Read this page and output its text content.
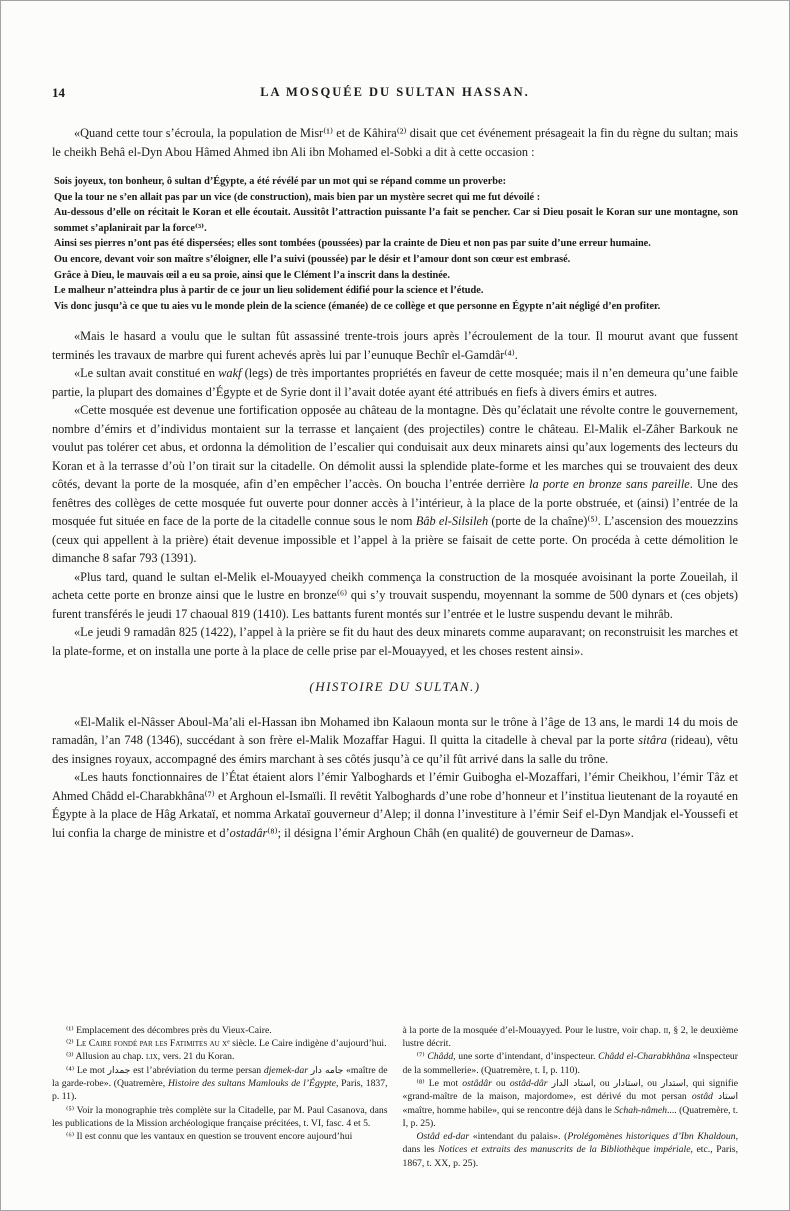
14	LA MOSQUÉE DU SULTAN HASSAN.

«Quand cette tour s’écroula, la population de Misr⁽¹⁾ et de Kâhira⁽²⁾ disait que cet événement présageait la fin du règne du sultan; mais le cheikh Behâ el-Dyn Abou Hâmed Ahmed ibn Ali ibn Mohamed el-Sobki a dit à cette occasion :

Sois joyeux, ton bonheur, ô sultan d’Égypte, a été révélé par un mot qui se répand comme un proverbe:
Que la tour ne s’en allait pas par un vice (de construction), mais bien par un mystère secret qui me fut dévoilé :
Au-dessous d’elle on récitait le Koran et elle écoutait. Aussitôt l’attraction puissante l’a fait se pencher. Car si Dieu posait le Koran sur une montagne, son sommet s’aplanirait par la force⁽³⁾.
Ainsi ses pierres n’ont pas été dispersées; elles sont tombées (poussées) par la crainte de Dieu et non pas par suite d’une erreur humaine.
Ou encore, devant voir son maître s’éloigner, elle l’a suivi (poussée) par le désir et l’amour dont son cœur est embrasé.
Grâce à Dieu, le mauvais œil a eu sa proie, ainsi que le Clément l’a inscrit dans la destinée.
Le malheur n’atteindra plus à partir de ce jour un lieu solidement édifié pour la science et l’étude.
Vis donc jusqu’à ce que tu aies vu le monde plein de la science (émanée) de ce collège et que personne en Égypte n’ait négligé d’en profiter.

«Mais le hasard a voulu que le sultan fût assassiné trente-trois jours après l’écroulement de la tour. Il mourut avant que fussent terminés les travaux de marbre qui furent achevés après lui par l’eunuque Bechîr el-Gamdâr⁽⁴⁾.

«Le sultan avait constitué en wakf (legs) de très importantes propriétés en faveur de cette mosquée; mais il n’en demeura qu’une faible partie, la plupart des domaines d’Égypte et de Syrie dont il l’avait dotée ayant été attribués en fiefs à divers émirs et autres.

«Cette mosquée est devenue une fortification opposée au château de la montagne. Dès qu’éclatait une révolte contre le gouvernement, nombre d’émirs et d’individus montaient sur la terrasse et lançaient (des projectiles) contre le château. El-Malik el-Zâher Barkouk ne voulut pas tolérer cet abus, et ordonna la démolition de l’escalier qui conduisait aux deux minarets ainsi qu’aux logements des lecteurs du Koran et à la terrasse d’où l’on tirait sur la citadelle. On démolit aussi la splendide plate-forme et les marches qui se trouvaient des deux côtés, devant la porte de la mosquée, afin d’en empêcher l’accès. On boucha l’entrée derrière la porte en bronze sans pareille. Une des fenêtres des collèges de cette mosquée fut ouverte pour donner accès à l’intérieur, à la place de la porte obstruée, et (ainsi) l’entrée de la mosquée fut située en face de la porte de la citadelle connue sous le nom Bâb el-Silsileh (porte de la chaîne)⁽⁵⁾. L’ascension des mouezzins (ceux qui appellent à la prière) était devenue impossible et l’appel à la prière se faisait de cette porte. On procéda à cette démolition le dimanche 8 safar 793 (1391).

«Plus tard, quand le sultan el-Melik el-Mouayyed cheikh commença la construction de la mosquée avoisinant la porte Zoueilah, il acheta cette porte en bronze ainsi que le lustre en bronze⁽⁶⁾ qui s’y trouvait suspendu, moyennant la somme de 500 dynars et (ces objets) furent transférés le jeudi 17 chaoual 819 (1410). Les battants furent montés sur l’entrée et le lustre suspendu devant le mihrâb.

«Le jeudi 9 ramadân 825 (1422), l’appel à la prière se fit du haut des deux minarets comme auparavant; on reconstruisit les marches et la plate-forme, et on installa une porte à la place de celle prise par el-Mouayyed, et les choses restent ainsi».

(HISTOIRE DU SULTAN.)

«El-Malik el-Nâsser Aboul-Ma’ali el-Hassan ibn Mohamed ibn Kalaoun monta sur le trône à l’âge de 13 ans, le mardi 14 du mois de ramadân, l’an 748 (1346), succédant à son frère el-Malik Mozaffar Hagui. Il quitta la citadelle à cheval par la porte sitâra (rideau), vêtu des insignes royaux, accompagné des émirs marchant à ses côtés jusqu’à ce qu’il fût arrivé dans la salle du trône.

«Les hauts fonctionnaires de l’État étaient alors l’émir Yalboghards et l’émir Guibogha el-Mozaffari, l’émir Cheikhou, l’émir Tâz et Ahmed Châdd el-Charabkhâna⁽⁷⁾ et Arghoun el-Ismaïli. Il revêtit Yalboghards d’une robe d’honneur et l’institua lieutenant de la royauté en Égypte à la place de Hâg Arkataï, et nomma Arkataï gouverneur d’Alep; il donna l’investiture à l’émir Seif el-Dyn Mandjak el-Youssefi et lui confia la charge de ministre et d’ostadâr⁽⁸⁾; il désigna l’émir Arghoun Châh (en qualité) de gouverneur de Damas».

⁽¹⁾ Emplacement des décombres près du Vieux-Caire.

⁽²⁾ Le Caire fondé par les Fatimites au xᵉ siècle. Le Caire indigène d’aujourd’hui.

⁽³⁾ Allusion au chap. lix, vers. 21 du Koran.

⁽⁴⁾ Le mot جمدار est l’abréviation du terme persan djemek-dar جامه دار «maître de la garde-robe». (Quatremère, Histoire des sultans Mamlouks de l’Égypte, Paris, 1837, p. 11).

⁽⁵⁾ Voir la monographie très complète sur la Citadelle, par M. Paul Casanova, dans les publications de la Mission archéologique française précitées, t. VI, fasc. 4 et 5.

⁽⁶⁾ Il est connu que les vantaux en question se trouvent encore aujourd’hui

à la porte de la mosquée d’el-Mouayyed. Pour le lustre, voir chap. ii, § 2, le deuxième lustre décrit.

⁽⁷⁾ Châdd, une sorte d’intendant, d’inspecteur. Châdd el-Charabkhâna «Inspecteur de la sommellerie». (Quatremère, t. I, p. 110).

⁽⁸⁾ Le mot ostâdâr ou ostâd-dâr استاد الدار, ou استادار, ou استدار, qui signifie «grand-maître de la maison, majordome», est dérivé du mot persan ostâd استاد «maître, homme habile», qui se rencontre déjà dans le Schah-nâmeh.... (Quatremère, t. I, p. 25).

Ostâd ed-dar «intendant du palais». (Prolégomènes historiques d’Ibn Khaldoun, dans les Notices et extraits des manuscrits de la Bibliothèque impériale, etc., Paris, 1867, t. XX, p. 25).
